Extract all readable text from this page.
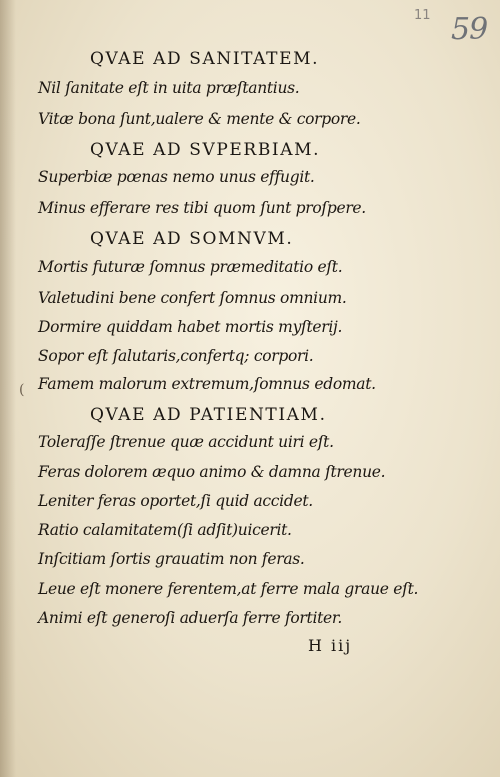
11 59
(
QVAE AD SANITATEM.
Nil ſanitate eſt in uita præſtantius.
Vitæ bona ſunt,ualere & mente & corpore.
QVAE AD SVPERBIAM.
Superbiæ pœnas nemo unus effugit.
Minus efferare res tibi quom ſunt proſpere.
QVAE AD SOMNVM.
Mortis futuræ ſomnus præmeditatio eſt.
Valetudini bene confert ſomnus omnium.
Dormire quiddam habet mortis myſterij.
Sopor eſt ſalutaris,confertq; corpori.
Famem malorum extremum,ſomnus edomat.
QVAE AD PATIENTIAM.
Toleraſſe ſtrenue quæ accidunt uiri eſt.
Feras dolorem æquo animo & damna ſtrenue.
Leniter feras oportet,ſi quid accidet.
Ratio calamitatem(ſi adſit)uicerit.
Inſcitiam ſortis grauatim non feras.
Leue eſt monere ferentem,at ferre mala graue eſt.
Animi eſt generoſi aduerſa ferre fortiter.
H iij
